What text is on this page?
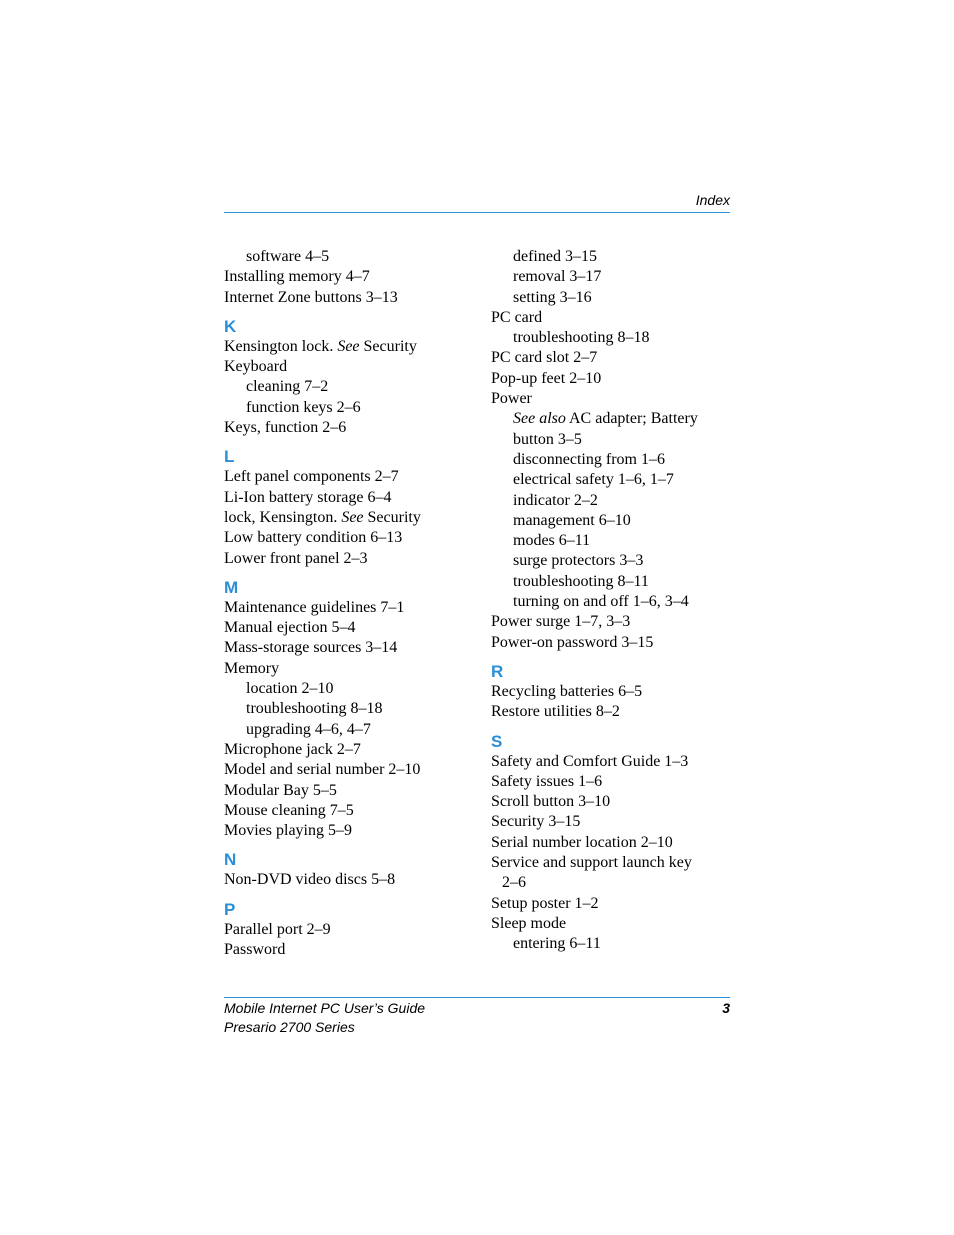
Index
software 4–5
Installing memory 4–7
Internet Zone buttons 3–13
K
Kensington lock. See Security
Keyboard
cleaning 7–2
function keys 2–6
Keys, function 2–6
L
Left panel components 2–7
Li-Ion battery storage 6–4
lock, Kensington. See Security
Low battery condition 6–13
Lower front panel 2–3
M
Maintenance guidelines 7–1
Manual ejection 5–4
Mass-storage sources 3–14
Memory
location 2–10
troubleshooting 8–18
upgrading 4–6, 4–7
Microphone jack 2–7
Model and serial number 2–10
Modular Bay 5–5
Mouse cleaning 7–5
Movies playing 5–9
N
Non-DVD video discs 5–8
P
Parallel port 2–9
Password
defined 3–15
removal 3–17
setting 3–16
PC card
troubleshooting 8–18
PC card slot 2–7
Pop-up feet 2–10
Power
See also AC adapter; Battery
button 3–5
disconnecting from 1–6
electrical safety 1–6, 1–7
indicator 2–2
management 6–10
modes 6–11
surge protectors 3–3
troubleshooting 8–11
turning on and off 1–6, 3–4
Power surge 1–7, 3–3
Power-on password 3–15
R
Recycling batteries 6–5
Restore utilities 8–2
S
Safety and Comfort Guide 1–3
Safety issues 1–6
Scroll button 3–10
Security 3–15
Serial number location 2–10
Service and support launch key
2–6
Setup poster 1–2
Sleep mode
entering 6–11
Mobile Internet PC User’s Guide
Presario 2700 Series
3
